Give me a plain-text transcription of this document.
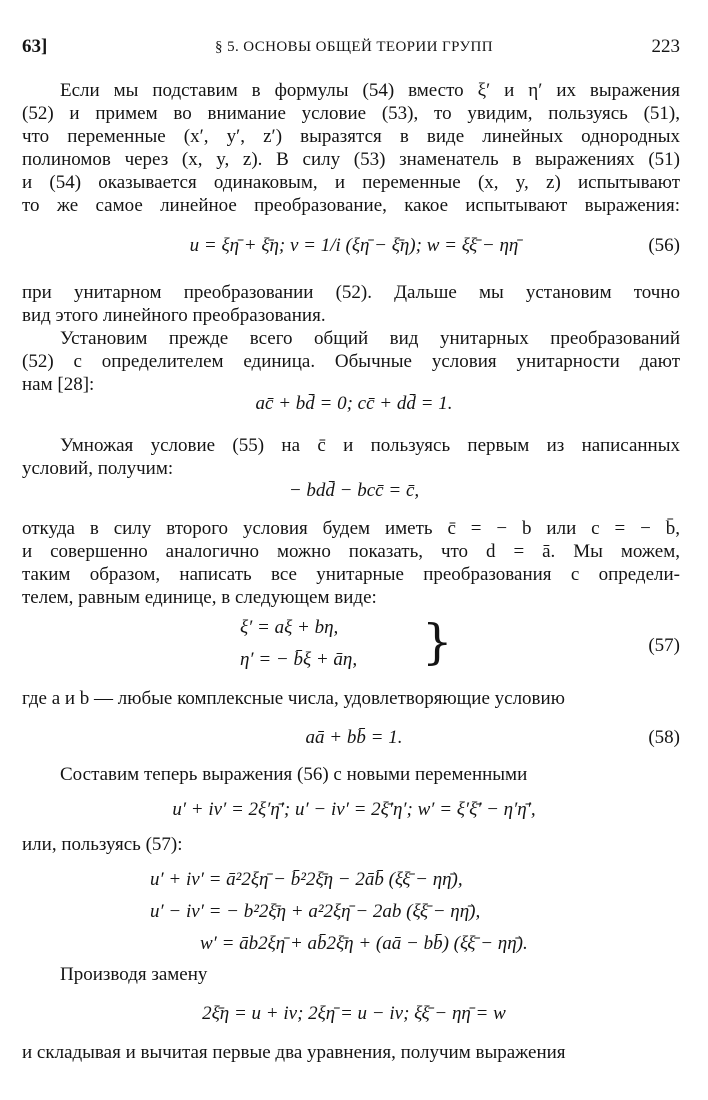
63]	§ 5. ОСНОВЫ ОБЩЕЙ ТЕОРИИ ГРУПП	223
Если мы подставим в формулы (54) вместо ξ′ и η′ их выражения
(52) и примем во внимание условие (53), то увидим, пользуясь (51),
что переменные (x′, y′, z′) выразятся в виде линейных однородных
полиномов через (x, y, z). В силу (53) знаменатель в выражениях (51)
и (54) оказывается одинаковым, и переменные (x, y, z) испытывают
то же самое линейное преобразование, какое испытывают выражения:
u = ξη̄ + ξ̄η; v = 1/i (ξη̄ − ξ̄η); w = ξξ̄ − ηη̄	(56)
при унитарном преобразовании (52). Дальше мы установим точно
вид этого линейного преобразования.
Установим прежде всего общий вид унитарных преобразований
(52) с определителем единица. Обычные условия унитарности дают
нам [28]:
ac̄ + bd̄ = 0; cc̄ + dd̄ = 1.
Умножая условие (55) на c̄ и пользуясь первым из написанных
условий, получим:
− bdd̄ − bcc̄ = c̄,
откуда в силу второго условия будем иметь c̄ = − b или c = − b̄,
и совершенно аналогично можно показать, что d = ā. Мы можем,
таким образом, написать все унитарные преобразования с определи-
телем, равным единице, в следующем виде:
ξ′ = aξ + bη,
η′ = − b̄ξ + āη,	}	(57)
где a и b — любые комплексные числа, удовлетворяющие условию
aā + bb̄ = 1.	(58)
Составим теперь выражения (56) с новыми переменными
u′ + iv′ = 2ξ′η̄′; u′ − iv′ = 2ξ̄′η′; w′ = ξ′ξ̄′ − η′η̄′,
или, пользуясь (57):
u′ + iv′ = ā²2ξη̄ − b̄²2ξ̄η − 2āb̄ (ξξ̄ − ηη̄),
u′ − iv′ = − b²2ξ̄η + a²2ξη̄ − 2ab (ξξ̄ − ηη̄),
w′ = āb2ξη̄ + ab̄2ξ̄η + (aā − bb̄) (ξξ̄ − ηη̄).
Производя замену
2ξ̄η = u + iv; 2ξη̄ = u − iv; ξξ̄ − ηη̄ = w
и складывая и вычитая первые два уравнения, получим выражения
